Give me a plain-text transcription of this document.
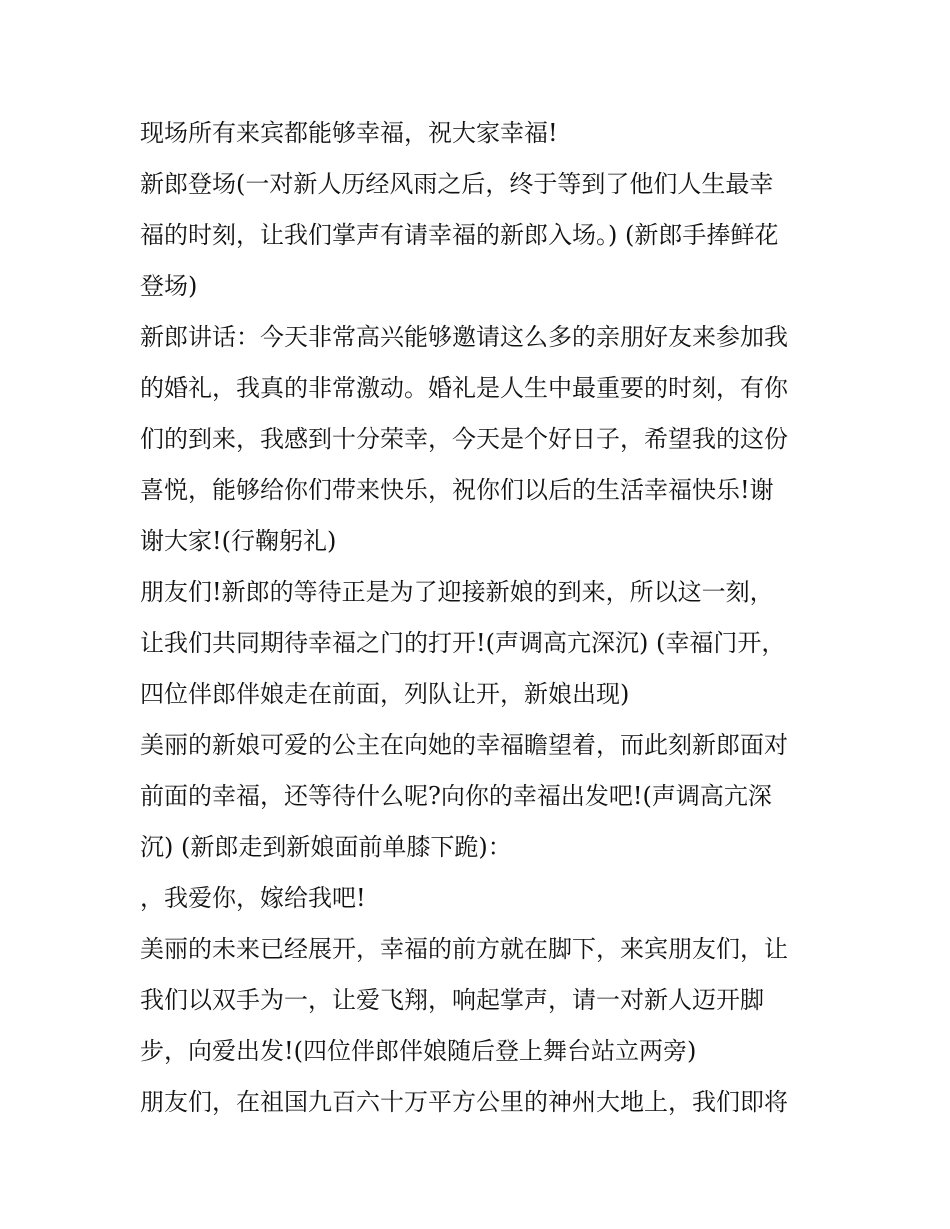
现场所有来宾都能够幸福，祝大家幸福!
新郎登场(一对新人历经风雨之后，终于等到了他们人生最幸
福的时刻，让我们掌声有请幸福的新郎入场。) (新郎手捧鲜花
登场)
新郎讲话：今天非常高兴能够邀请这么多的亲朋好友来参加我
的婚礼，我真的非常激动。婚礼是人生中最重要的时刻，有你
们的到来，我感到十分荣幸，今天是个好日子，希望我的这份
喜悦，能够给你们带来快乐，祝你们以后的生活幸福快乐!谢
谢大家!(行鞠躬礼)
朋友们!新郎的等待正是为了迎接新娘的到来，所以这一刻，
让我们共同期待幸福之门的打开!(声调高亢深沉) (幸福门开，
四位伴郎伴娘走在前面，列队让开，新娘出现)
美丽的新娘可爱的公主在向她的幸福瞻望着，而此刻新郎面对
前面的幸福，还等待什么呢?向你的幸福出发吧!(声调高亢深
沉) (新郎走到新娘面前单膝下跪)：
，我爱你，嫁给我吧!
美丽的未来已经展开，幸福的前方就在脚下，来宾朋友们，让
我们以双手为一，让爱飞翔，响起掌声，请一对新人迈开脚
步，向爱出发!(四位伴郎伴娘随后登上舞台站立两旁)
朋友们，在祖国九百六十万平方公里的神州大地上，我们即将
